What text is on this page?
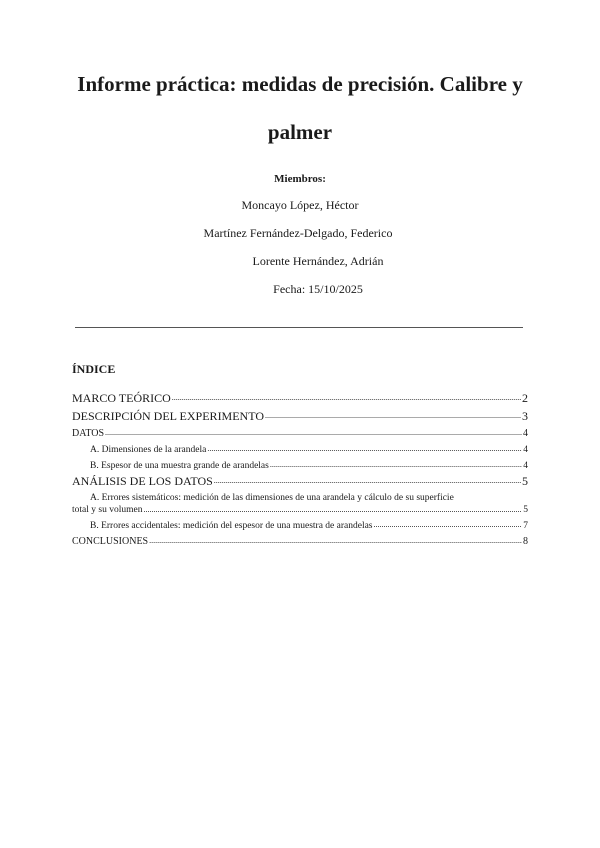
Informe práctica: medidas de precisión. Calibre y
palmer
Miembros:
Moncayo López, Héctor
Martínez Fernández-Delgado, Federico
Lorente Hernández, Adrián
Fecha: 15/10/2025
ÍNDICE
MARCO TEÓRICO .....	2
DESCRIPCIÓN DEL EXPERIMENTO .....	3
DATOS .....	4
A. Dimensiones de la arandela .....	4
B. Espesor de una muestra grande de arandelas .....	4
ANÁLISIS DE LOS DATOS .....	5
A. Errores sistemáticos: medición de las dimensiones de una arandela y cálculo de su superficie
total y su volumen .....	5
B. Errores accidentales: medición del espesor de una muestra de arandelas .....	7
CONCLUSIONES .....	8
